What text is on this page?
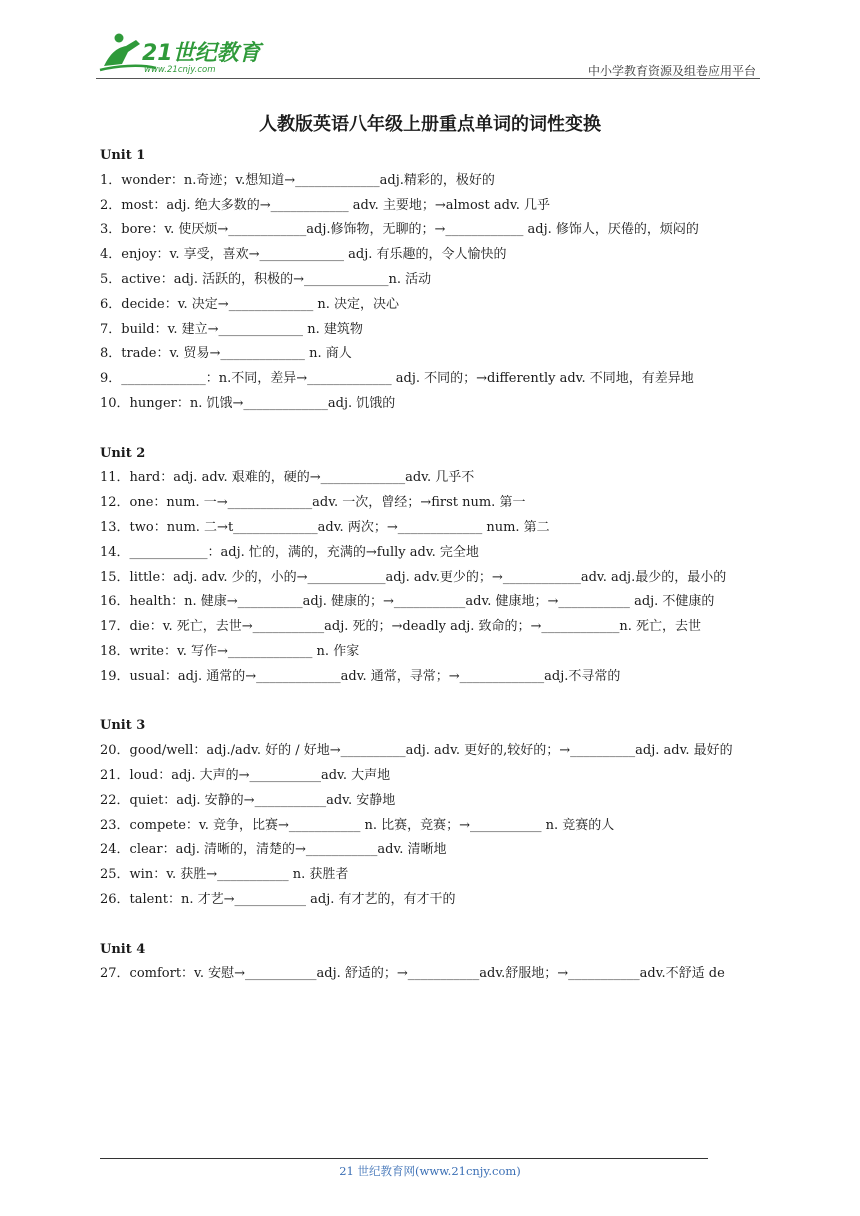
21世纪教育
www.21cnjy.com	中小学教育资源及组卷应用平台
人教版英语八年级上册重点单词的词性变换
Unit 1
1．wonder：n.奇迹；v.想知道→_____________adj.精彩的，极好的
2．most：adj. 绝大多数的→____________ adv. 主要地；→almost adv. 几乎
3．bore：v. 使厌烦→____________adj.修饰物，无聊的；→____________ adj. 修饰人，厌倦的，烦闷的
4．enjoy：v. 享受，喜欢→_____________ adj. 有乐趣的，令人愉快的
5．active：adj. 活跃的，积极的→_____________n. 活动
6．decide：v. 决定→_____________ n. 决定，决心
7．build：v. 建立→_____________ n. 建筑物
8．trade：v. 贸易→_____________ n. 商人
9．_____________：n.不同，差异→_____________ adj. 不同的；→differently adv. 不同地，有差异地
10．hunger：n. 饥饿→_____________adj. 饥饿的
Unit 2
11．hard：adj. adv. 艰难的，硬的→_____________adv. 几乎不
12．one：num. 一→_____________adv. 一次，曾经；→first num. 第一
13．two：num. 二→t_____________adv. 两次；→_____________ num. 第二
14．____________：adj. 忙的，满的，充满的→fully adv. 完全地
15．little：adj. adv. 少的，小的→____________adj. adv.更少的；→____________adv. adj.最少的，最小的
16．health：n. 健康→__________adj. 健康的；→___________adv. 健康地；→___________ adj. 不健康的
17．die：v. 死亡，去世→___________adj. 死的；→deadly adj. 致命的；→____________n. 死亡，去世
18．write：v. 写作→_____________ n. 作家
19．usual：adj. 通常的→_____________adv. 通常，寻常；→_____________adj.不寻常的
Unit 3
20．good/well：adj./adv. 好的 / 好地→__________adj. adv. 更好的,较好的；→__________adj. adv. 最好的
21．loud：adj. 大声的→___________adv. 大声地
22．quiet：adj. 安静的→___________adv. 安静地
23．compete：v. 竞争，比赛→___________ n. 比赛，竞赛；→___________ n. 竞赛的人
24．clear：adj. 清晰的，清楚的→___________adv. 清晰地
25．win：v. 获胜→___________ n. 获胜者
26．talent：n. 才艺→___________ adj. 有才艺的，有才干的
Unit 4
27．comfort：v. 安慰→___________adj. 舒适的；→___________adv.舒服地；→___________adv.不舒适 de
21 世纪教育网(www.21cnjy.com)
